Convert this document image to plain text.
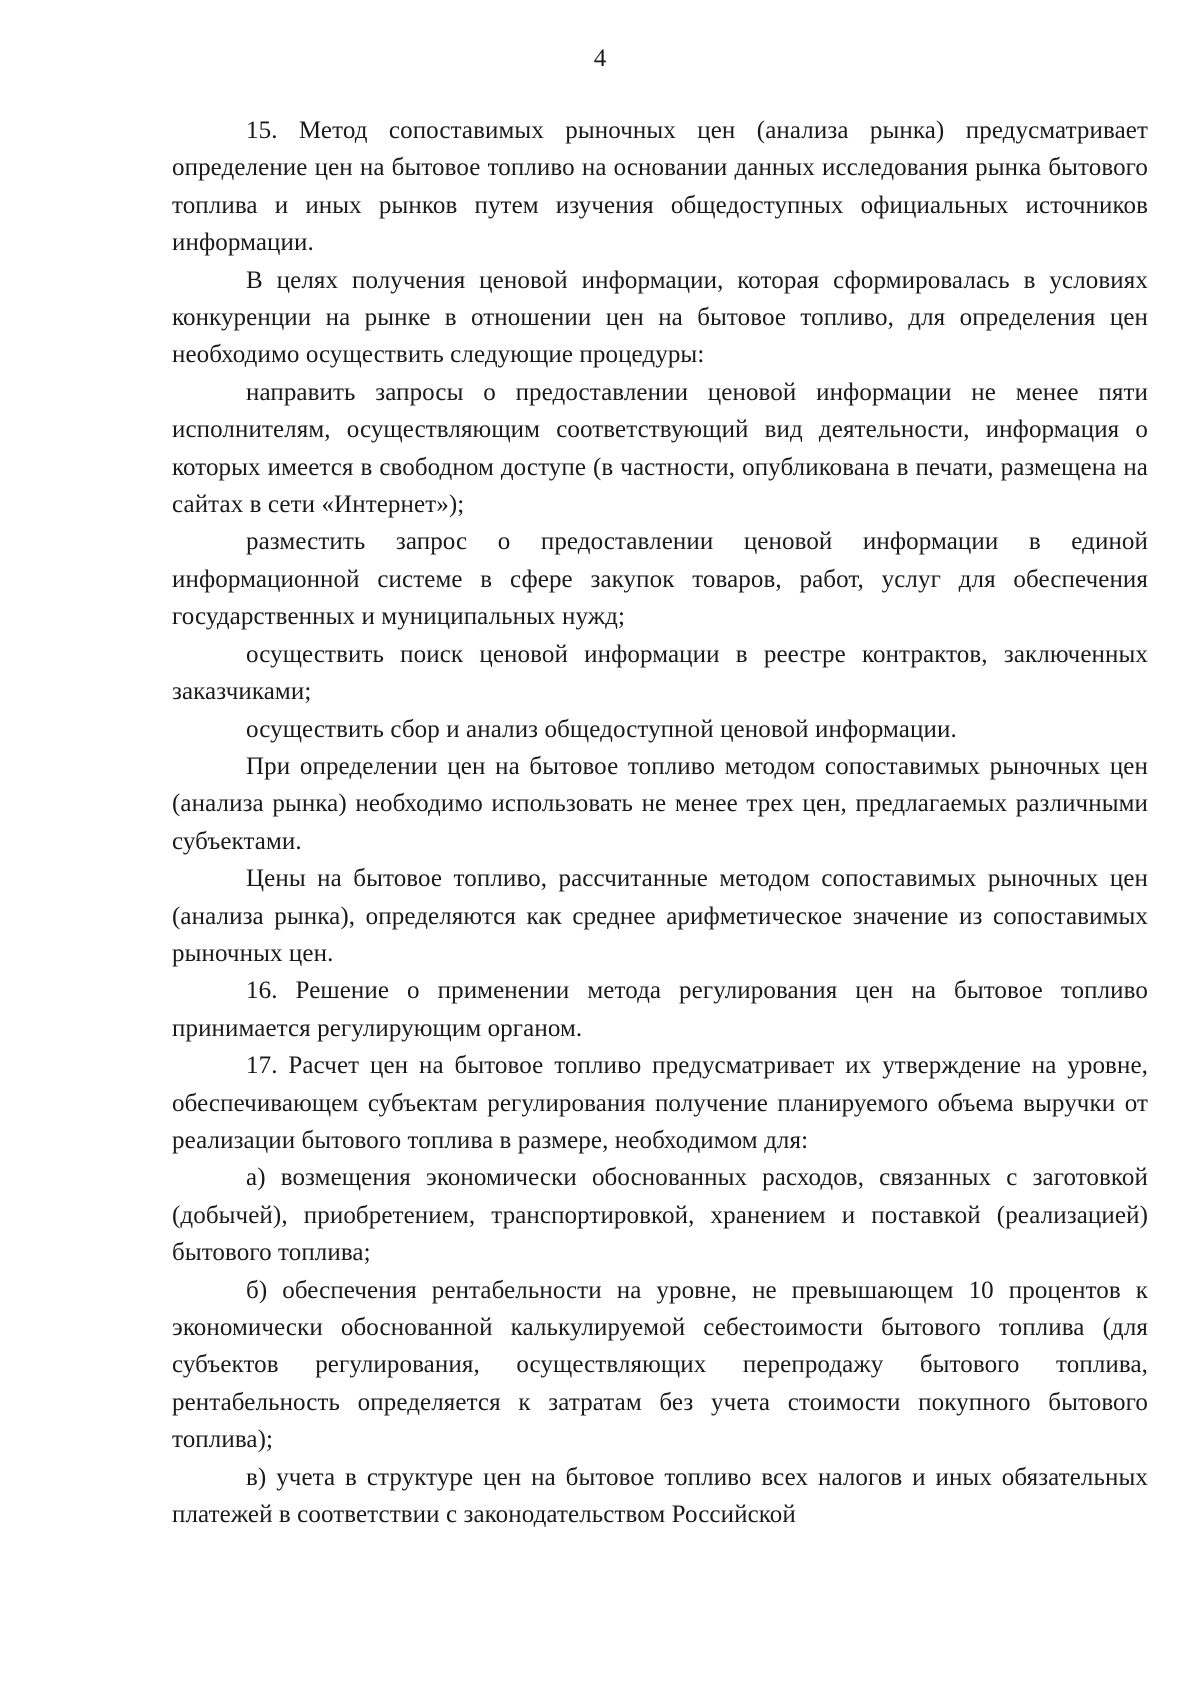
4

15. Метод сопоставимых рыночных цен (анализа рынка) предусматривает определение цен на бытовое топливо на основании данных исследования рынка бытового топлива и иных рынков путем изучения общедоступных официальных источников информации.

В целях получения ценовой информации, которая сформировалась в условиях конкуренции на рынке в отношении цен на бытовое топливо, для определения цен необходимо осуществить следующие процедуры:

направить запросы о предоставлении ценовой информации не менее пяти исполнителям, осуществляющим соответствующий вид деятельности, информация о которых имеется в свободном доступе (в частности, опубликована в печати, размещена на сайтах в сети «Интернет»);

разместить запрос о предоставлении ценовой информации в единой информационной системе в сфере закупок товаров, работ, услуг для обеспечения государственных и муниципальных нужд;

осуществить поиск ценовой информации в реестре контрактов, заключенных заказчиками;

осуществить сбор и анализ общедоступной ценовой информации.

При определении цен на бытовое топливо методом сопоставимых рыночных цен (анализа рынка) необходимо использовать не менее трех цен, предлагаемых различными субъектами.

Цены на бытовое топливо, рассчитанные методом сопоставимых рыночных цен (анализа рынка), определяются как среднее арифметическое значение из сопоставимых рыночных цен.

16. Решение о применении метода регулирования цен на бытовое топливо принимается регулирующим органом.

17. Расчет цен на бытовое топливо предусматривает их утверждение на уровне, обеспечивающем субъектам регулирования получение планируемого объема выручки от реализации бытового топлива в размере, необходимом для:

а) возмещения экономически обоснованных расходов, связанных с заготовкой (добычей), приобретением, транспортировкой, хранением и поставкой (реализацией) бытового топлива;

б) обеспечения рентабельности на уровне, не превышающем 10 процентов к экономически обоснованной калькулируемой себестоимости бытового топлива (для субъектов регулирования, осуществляющих перепродажу бытового топлива, рентабельность определяется к затратам без учета стоимости покупного бытового топлива);

в) учета в структуре цен на бытовое топливо всех налогов и иных обязательных платежей в соответствии с законодательством Российской
